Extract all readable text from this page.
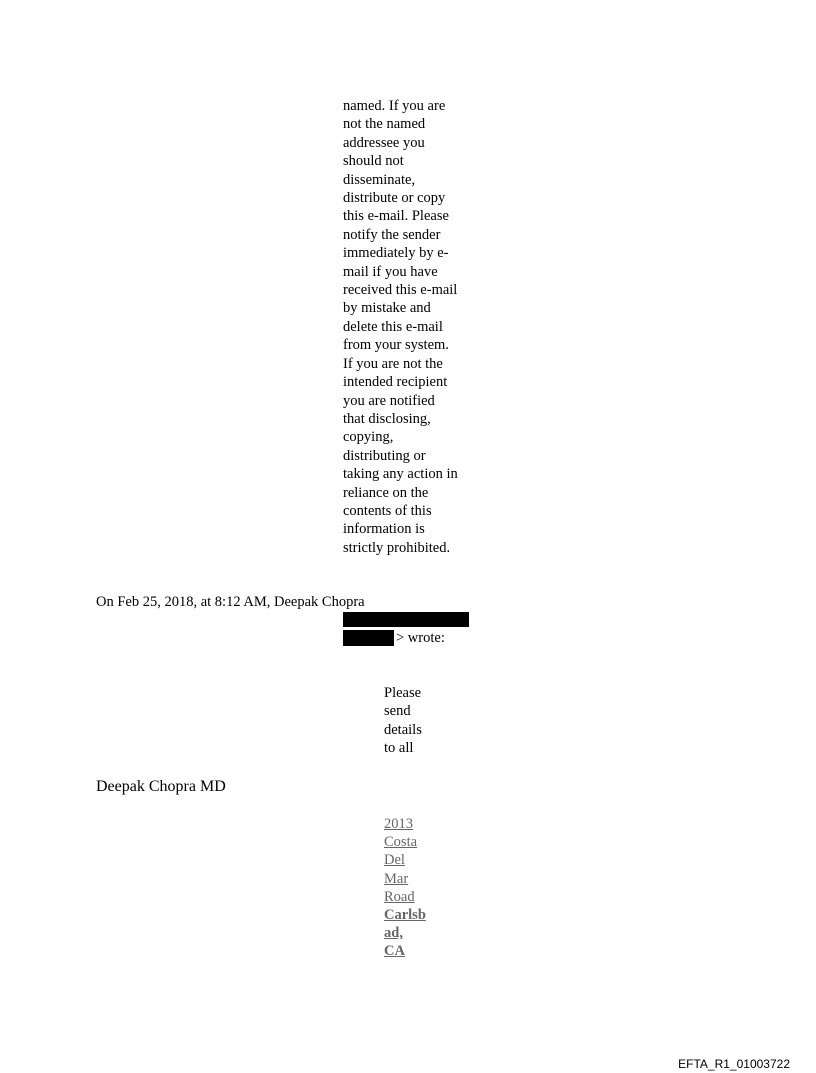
named. If you are
not the named
addressee you
should not
disseminate,
distribute or copy
this e-mail. Please
notify the sender
immediately by e-
mail if you have
received this e-mail
by mistake and
delete this e-mail
from your system.
If you are not the
intended recipient
you are notified
that disclosing,
copying,
distributing or
taking any action in
reliance on the
contents of this
information is
strictly prohibited.
On Feb 25, 2018, at 8:12 AM, Deepak Chopra
> wrote:
Please
send
details
to all
Deepak Chopra MD
2013
Costa
Del
Mar
Road
Carlsb
ad,
CA
EFTA_R1_01003722
